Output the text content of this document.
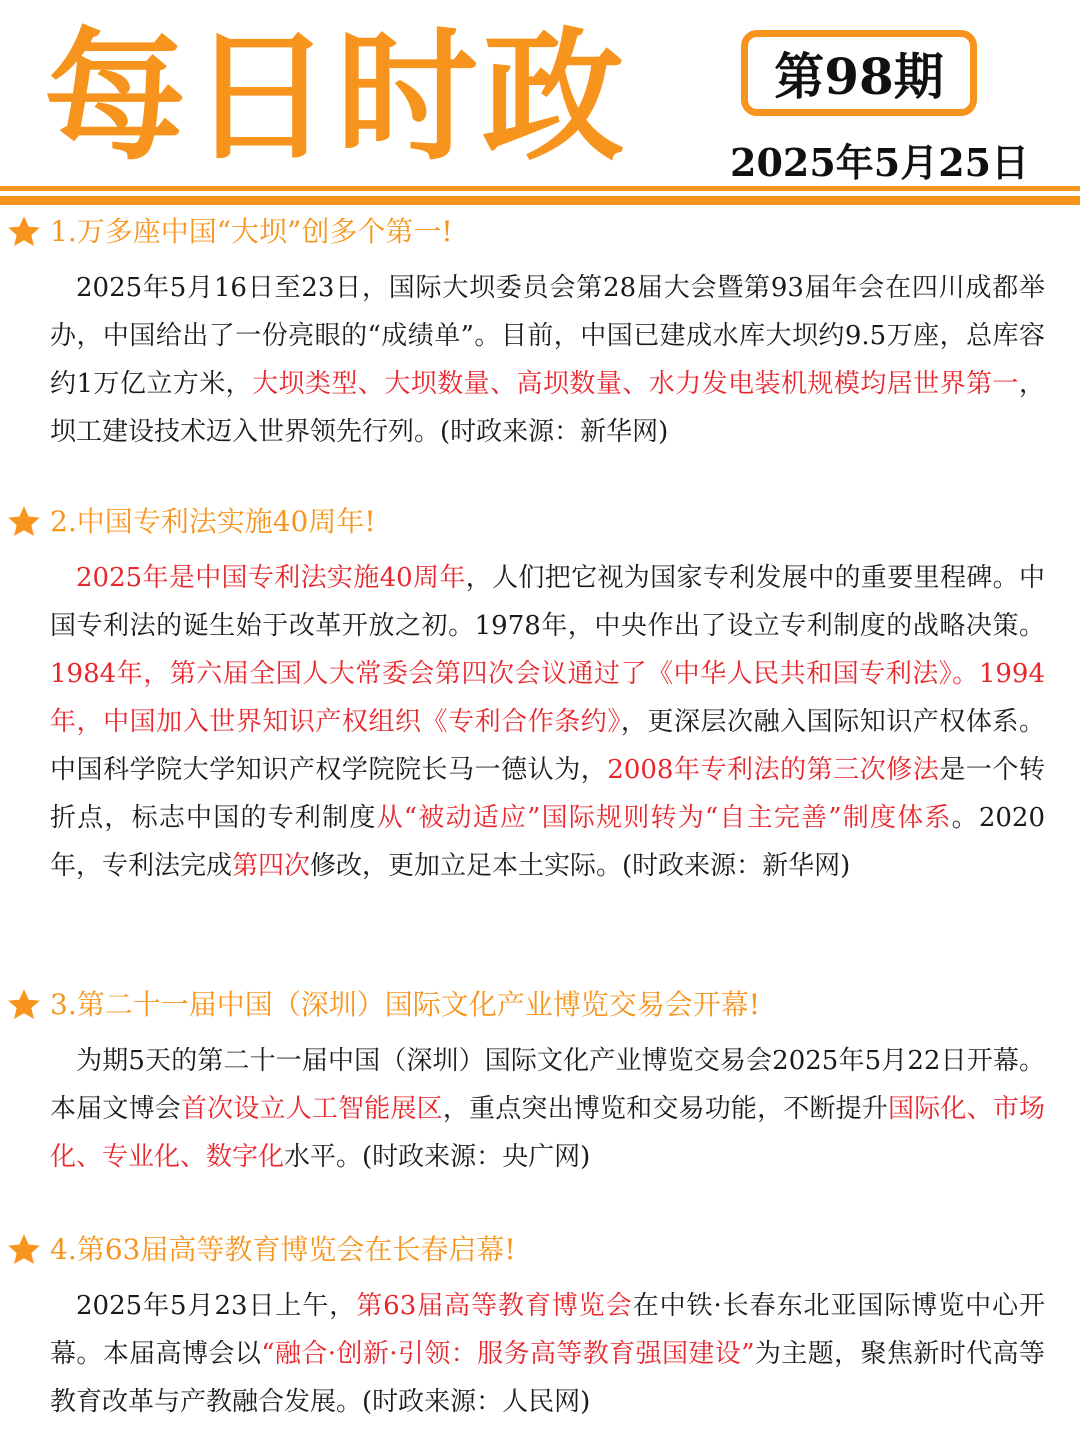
每日时政	第98期
2025年5月25日
1.万多座中国“大坝”创多个第一!

2025年5月16日至23日，国际大坝委员会第28届大会暨第93届年会在四川成都举办，中国给出了一份亮眼的“成绩单”。目前，中国已建成水库大坝约9.5万座，总库容约1万亿立方米，大坝类型、大坝数量、高坝数量、水力发电装机规模均居世界第一，坝工建设技术迈入世界领先行列。(时政来源：新华网)

2.中国专利法实施40周年!

2025年是中国专利法实施40周年，人们把它视为国家专利发展中的重要里程碑。中国专利法的诞生始于改革开放之初。1978年，中央作出了设立专利制度的战略决策。1984年，第六届全国人大常委会第四次会议通过了《中华人民共和国专利法》。1994年，中国加入世界知识产权组织《专利合作条约》，更深层次融入国际知识产权体系。中国科学院大学知识产权学院院长马一德认为，2008年专利法的第三次修法是一个转折点，标志中国的专利制度从“被动适应”国际规则转为“自主完善”制度体系。2020年，专利法完成第四次修改，更加立足本土实际。(时政来源：新华网)

3.第二十一届中国（深圳）国际文化产业博览交易会开幕!

为期5天的第二十一届中国（深圳）国际文化产业博览交易会2025年5月22日开幕。本届文博会首次设立人工智能展区，重点突出博览和交易功能，不断提升国际化、市场化、专业化、数字化水平。(时政来源：央广网)

4.第63届高等教育博览会在长春启幕!

2025年5月23日上午，第63届高等教育博览会在中铁·长春东北亚国际博览中心开幕。本届高博会以“融合·创新·引领：服务高等教育强国建设”为主题，聚焦新时代高等教育改革与产教融合发展。(时政来源：人民网)
